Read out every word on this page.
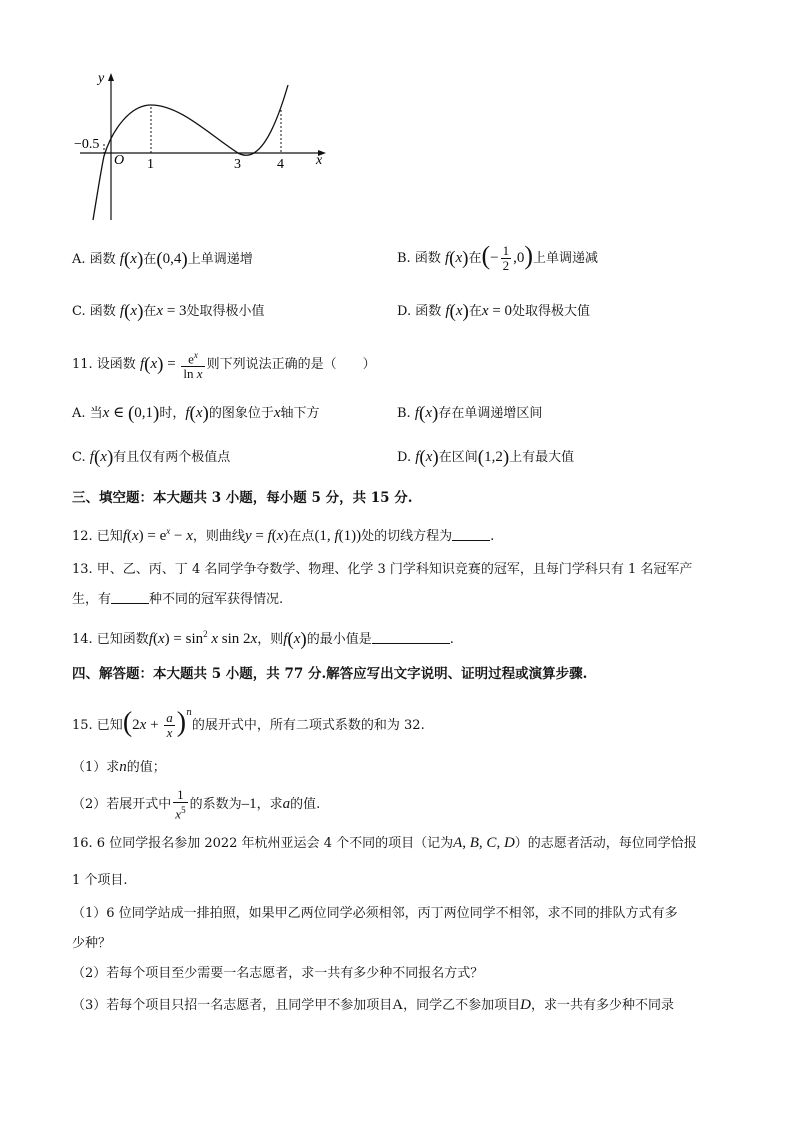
y
x
O
−0.5
1	3	4
A. 函数 f(x)在(0,4)上单调递增	B. 函数 f(x)在(− $\frac{1}{2} ,0$)上单调递减
C. 函数 f(x)在x = 3处取得极小值	D. 函数 f(x)在x = 0处取得极大值
11. 设函数 $f(x) = \frac{e^x}{\text{ln x}}$ 则下列说法正确的是（　　）
A. 当x ∈ (0,1)时，f(x)的图象位于x轴下方	B. f(x)存在单调递增区间
C. f(x)有且仅有两个极值点	D. f(x)在区间(1,2)上有最大值
三、填空题：本大题共 3 小题，每小题 5 分，共 15 分.
12. 已知$f(x) = e^x - x$，则曲线y = f(x)在点(1, f(1))处的切线方程为	.
13. 甲、乙、丙、丁 4 名同学争夺数学、物理、化学 3 门学科知识竞赛的冠军，且每门学科只有 1 名冠军产
生，有	种不同的冠军获得情况.
14. 已知函数$f(x) = \sin^2 x$ sin 2x，则f(x)的最小值是	.
四、解答题：本大题共 5 小题，共 77 分.解答应写出文字说明、证明过程或演算步骤.
15. 已知$(2x + \frac{a}{x} )^n$的展开式中，所有二项式系数的和为 32.
（1）求n的值；
（2）若展开式中 $\frac{1}{x^5}$ 的系数为–1，求a的值.
16. 6 位同学报名参加 2022 年杭州亚运会 4 个不同的项目（记为A, B, C, D）的志愿者活动，每位同学恰报
1 个项目.
（1）6 位同学站成一排拍照，如果甲乙两位同学必须相邻，丙丁两位同学不相邻，求不同的排队方式有多
少种？
（2）若每个项目至少需要一名志愿者，求一共有多少种不同报名方式？
（3）若每个项目只招一名志愿者，且同学甲不参加项目A，同学乙不参加项目D，求一共有多少种不同录
